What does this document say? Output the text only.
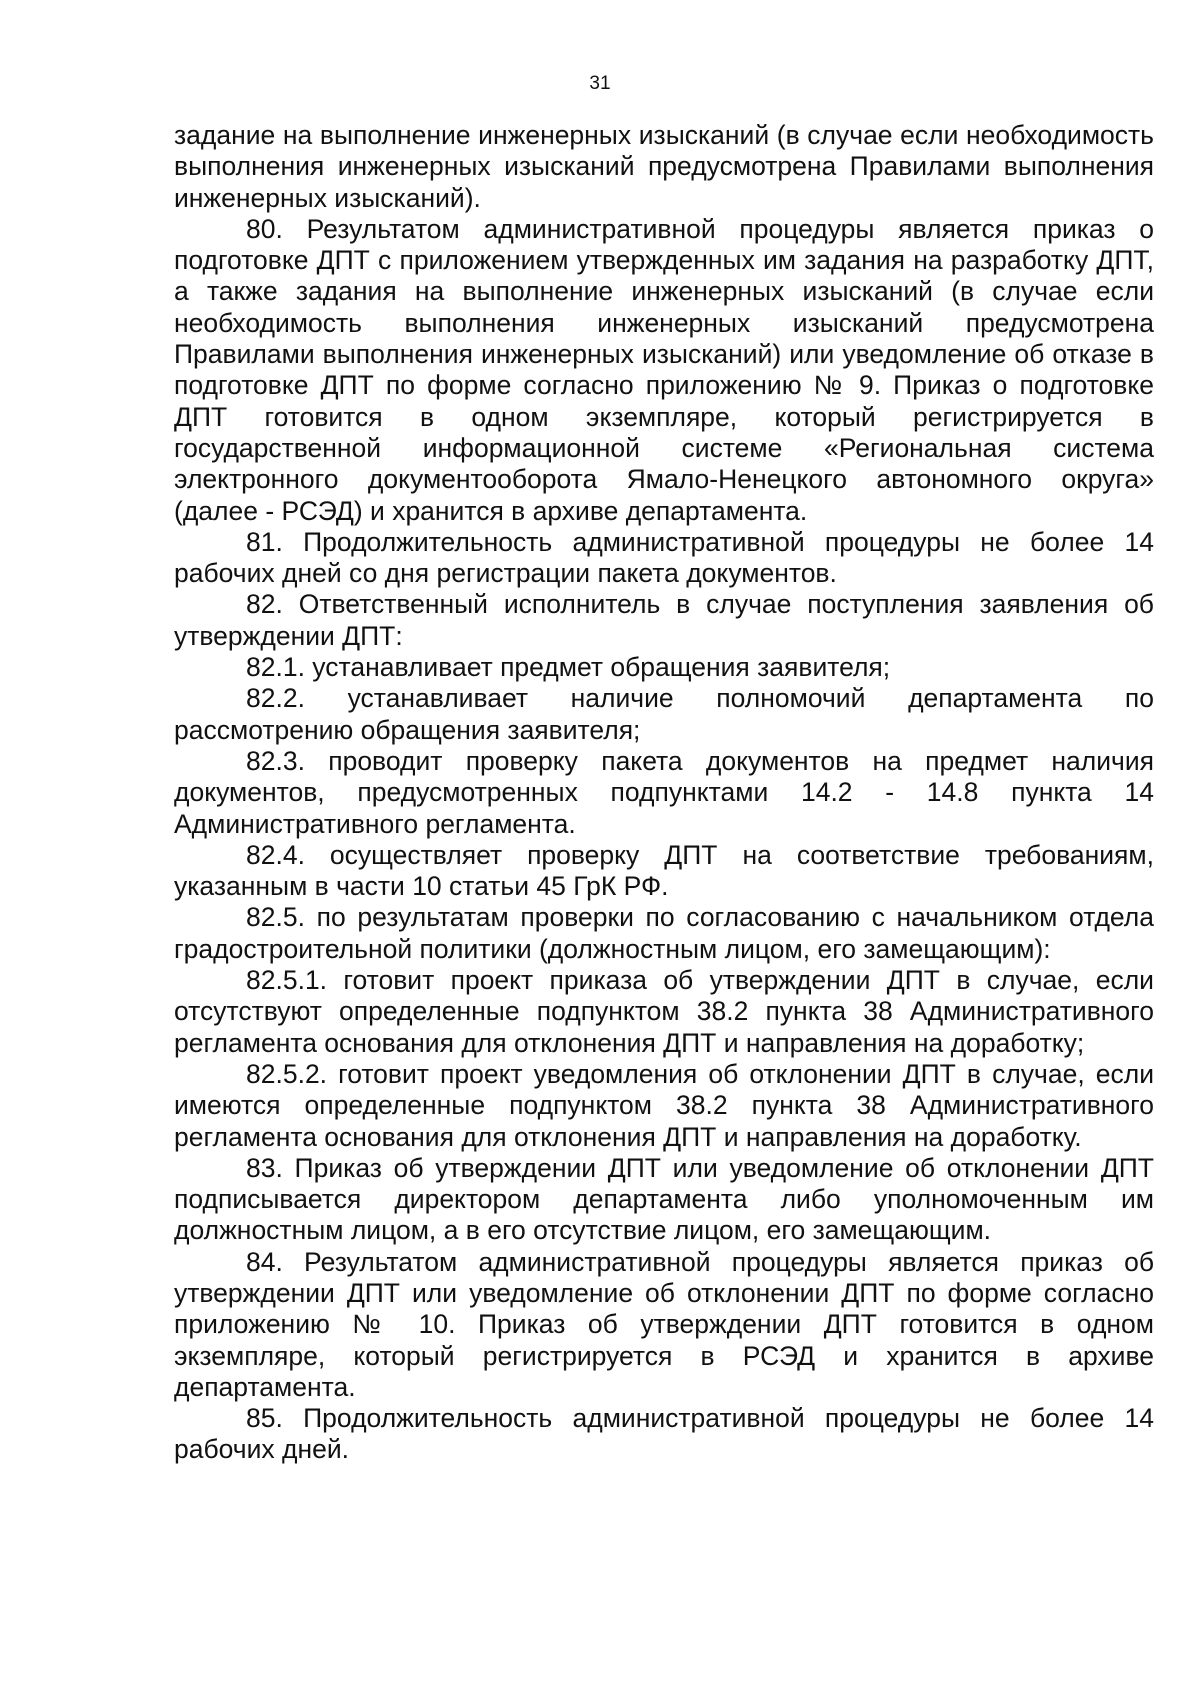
31

задание на выполнение инженерных изысканий (в случае если необходимость выполнения инженерных изысканий предусмотрена Правилами выполнения инженерных изысканий).

80. Результатом административной процедуры является приказ о подготовке ДПТ с приложением утвержденных им задания на разработку ДПТ, а также задания на выполнение инженерных изысканий (в случае если необходимость выполнения инженерных изысканий предусмотрена Правилами выполнения инженерных изысканий) или уведомление об отказе в подготовке ДПТ по форме согласно приложению № 9. Приказ о подготовке ДПТ готовится в одном экземпляре, который регистрируется в государственной информационной системе «Региональная система электронного документооборота Ямало-Ненецкого автономного округа» (далее - РСЭД) и хранится в архиве департамента.

81. Продолжительность административной процедуры не более 14 рабочих дней со дня регистрации пакета документов.

82. Ответственный исполнитель в случае поступления заявления об утверждении ДПТ:

82.1. устанавливает предмет обращения заявителя;

82.2. устанавливает наличие полномочий департамента по рассмотрению обращения заявителя;

82.3. проводит проверку пакета документов на предмет наличия документов, предусмотренных подпунктами 14.2 - 14.8 пункта 14 Административного регламента.

82.4. осуществляет проверку ДПТ на соответствие требованиям, указанным в части 10 статьи 45 ГрК РФ.

82.5. по результатам проверки по согласованию с начальником отдела градостроительной политики (должностным лицом, его замещающим):

82.5.1. готовит проект приказа об утверждении ДПТ в случае, если отсутствуют определенные подпунктом 38.2 пункта 38 Административного регламента основания для отклонения ДПТ и направления на доработку;

82.5.2. готовит проект уведомления об отклонении ДПТ в случае, если имеются определенные подпунктом 38.2 пункта 38 Административного регламента основания для отклонения ДПТ и направления на доработку.

83. Приказ об утверждении ДПТ или уведомление об отклонении ДПТ подписывается директором департамента либо уполномоченным им должностным лицом, а в его отсутствие лицом, его замещающим.

84. Результатом административной процедуры является приказ об утверждении ДПТ или уведомление об отклонении ДПТ по форме согласно приложению № 10. Приказ об утверждении ДПТ готовится в одном экземпляре, который регистрируется в РСЭД и хранится в архиве департамента.

85. Продолжительность административной процедуры не более 14 рабочих дней.
